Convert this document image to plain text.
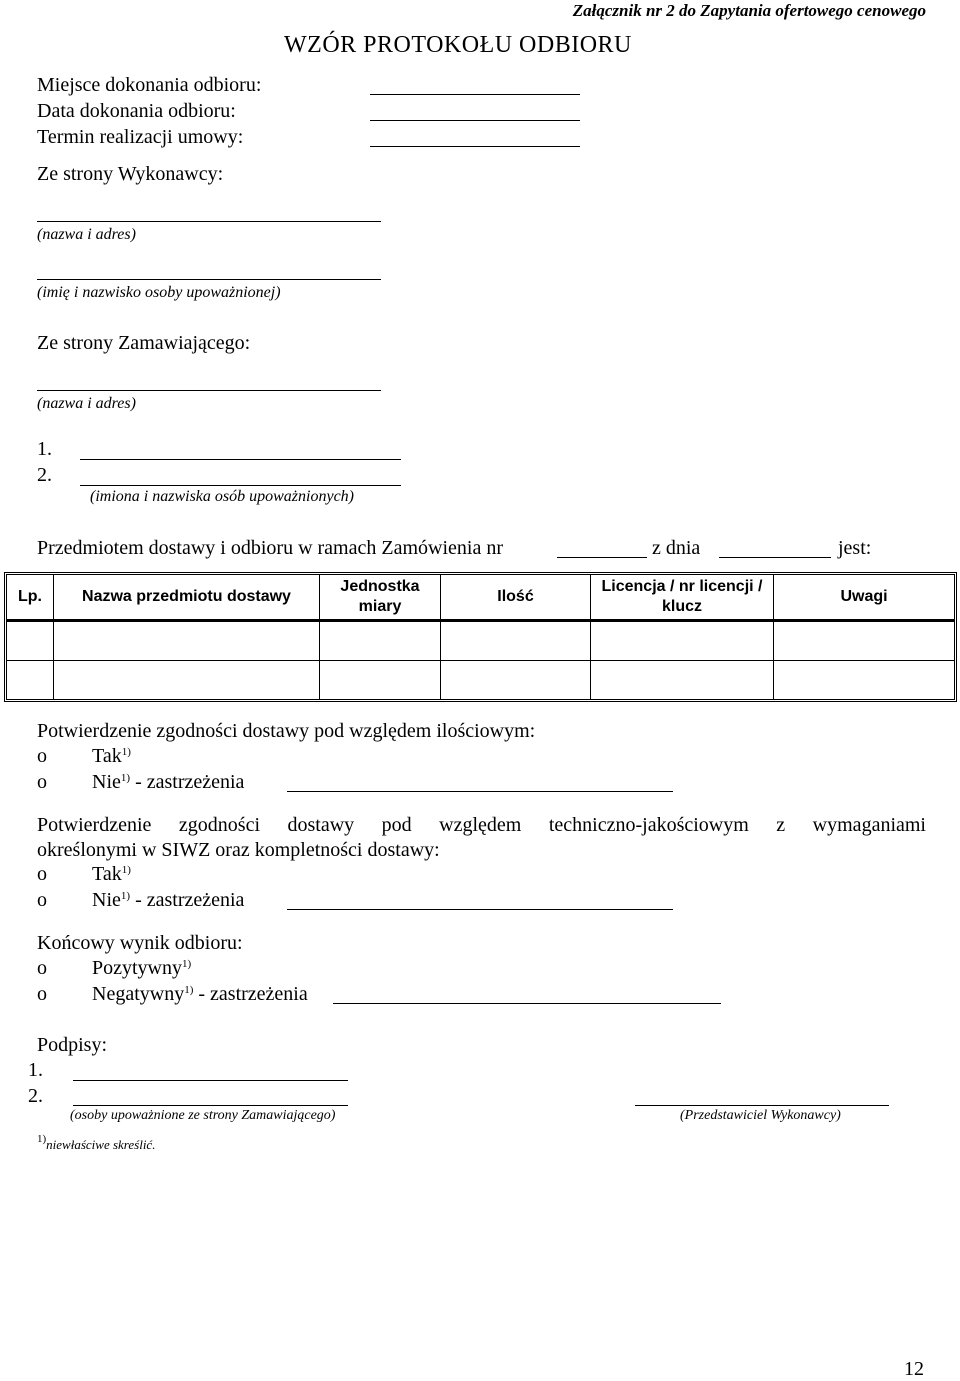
Załącznik nr 2 do Zapytania ofertowego cenowego
WZÓR PROTOKOŁU ODBIORU
Miejsce dokonania odbioru:
Data dokonania odbioru:
Termin realizacji umowy:
Ze strony Wykonawcy:
(nazwa i adres)
(imię i nazwisko osoby upoważnionej)
Ze strony Zamawiającego:
(nazwa i adres)
1.
2.
(imiona i nazwiska osób upoważnionych)
Przedmiotem dostawy i odbioru w ramach Zamówienia nr	z dnia	jest:
Lp.	Nazwa przedmiotu dostawy	Jednostka miary	Ilość	Licencja / nr licencji / klucz	Uwagi

Potwierdzenie zgodności dostawy pod względem ilościowym:
o Tak$^{1)}$
o Nie$^{1)}$ - zastrzeżenia
Potwierdzenie zgodności dostawy pod względem techniczno-jakościowym z wymaganiami
określonymi w SIWZ oraz kompletności dostawy:
o Tak$^{1)}$
o Nie$^{1)}$ - zastrzeżenia
Końcowy wynik odbioru:
o Pozytywny$^{1)}$
o Negatywny$^{1)}$ - zastrzeżenia
Podpisy:
1.
2.
(osoby upoważnione ze strony Zamawiającego)	(Przedstawiciel Wykonawcy)
$^{1)}$niewłaściwe skreślić.
12
